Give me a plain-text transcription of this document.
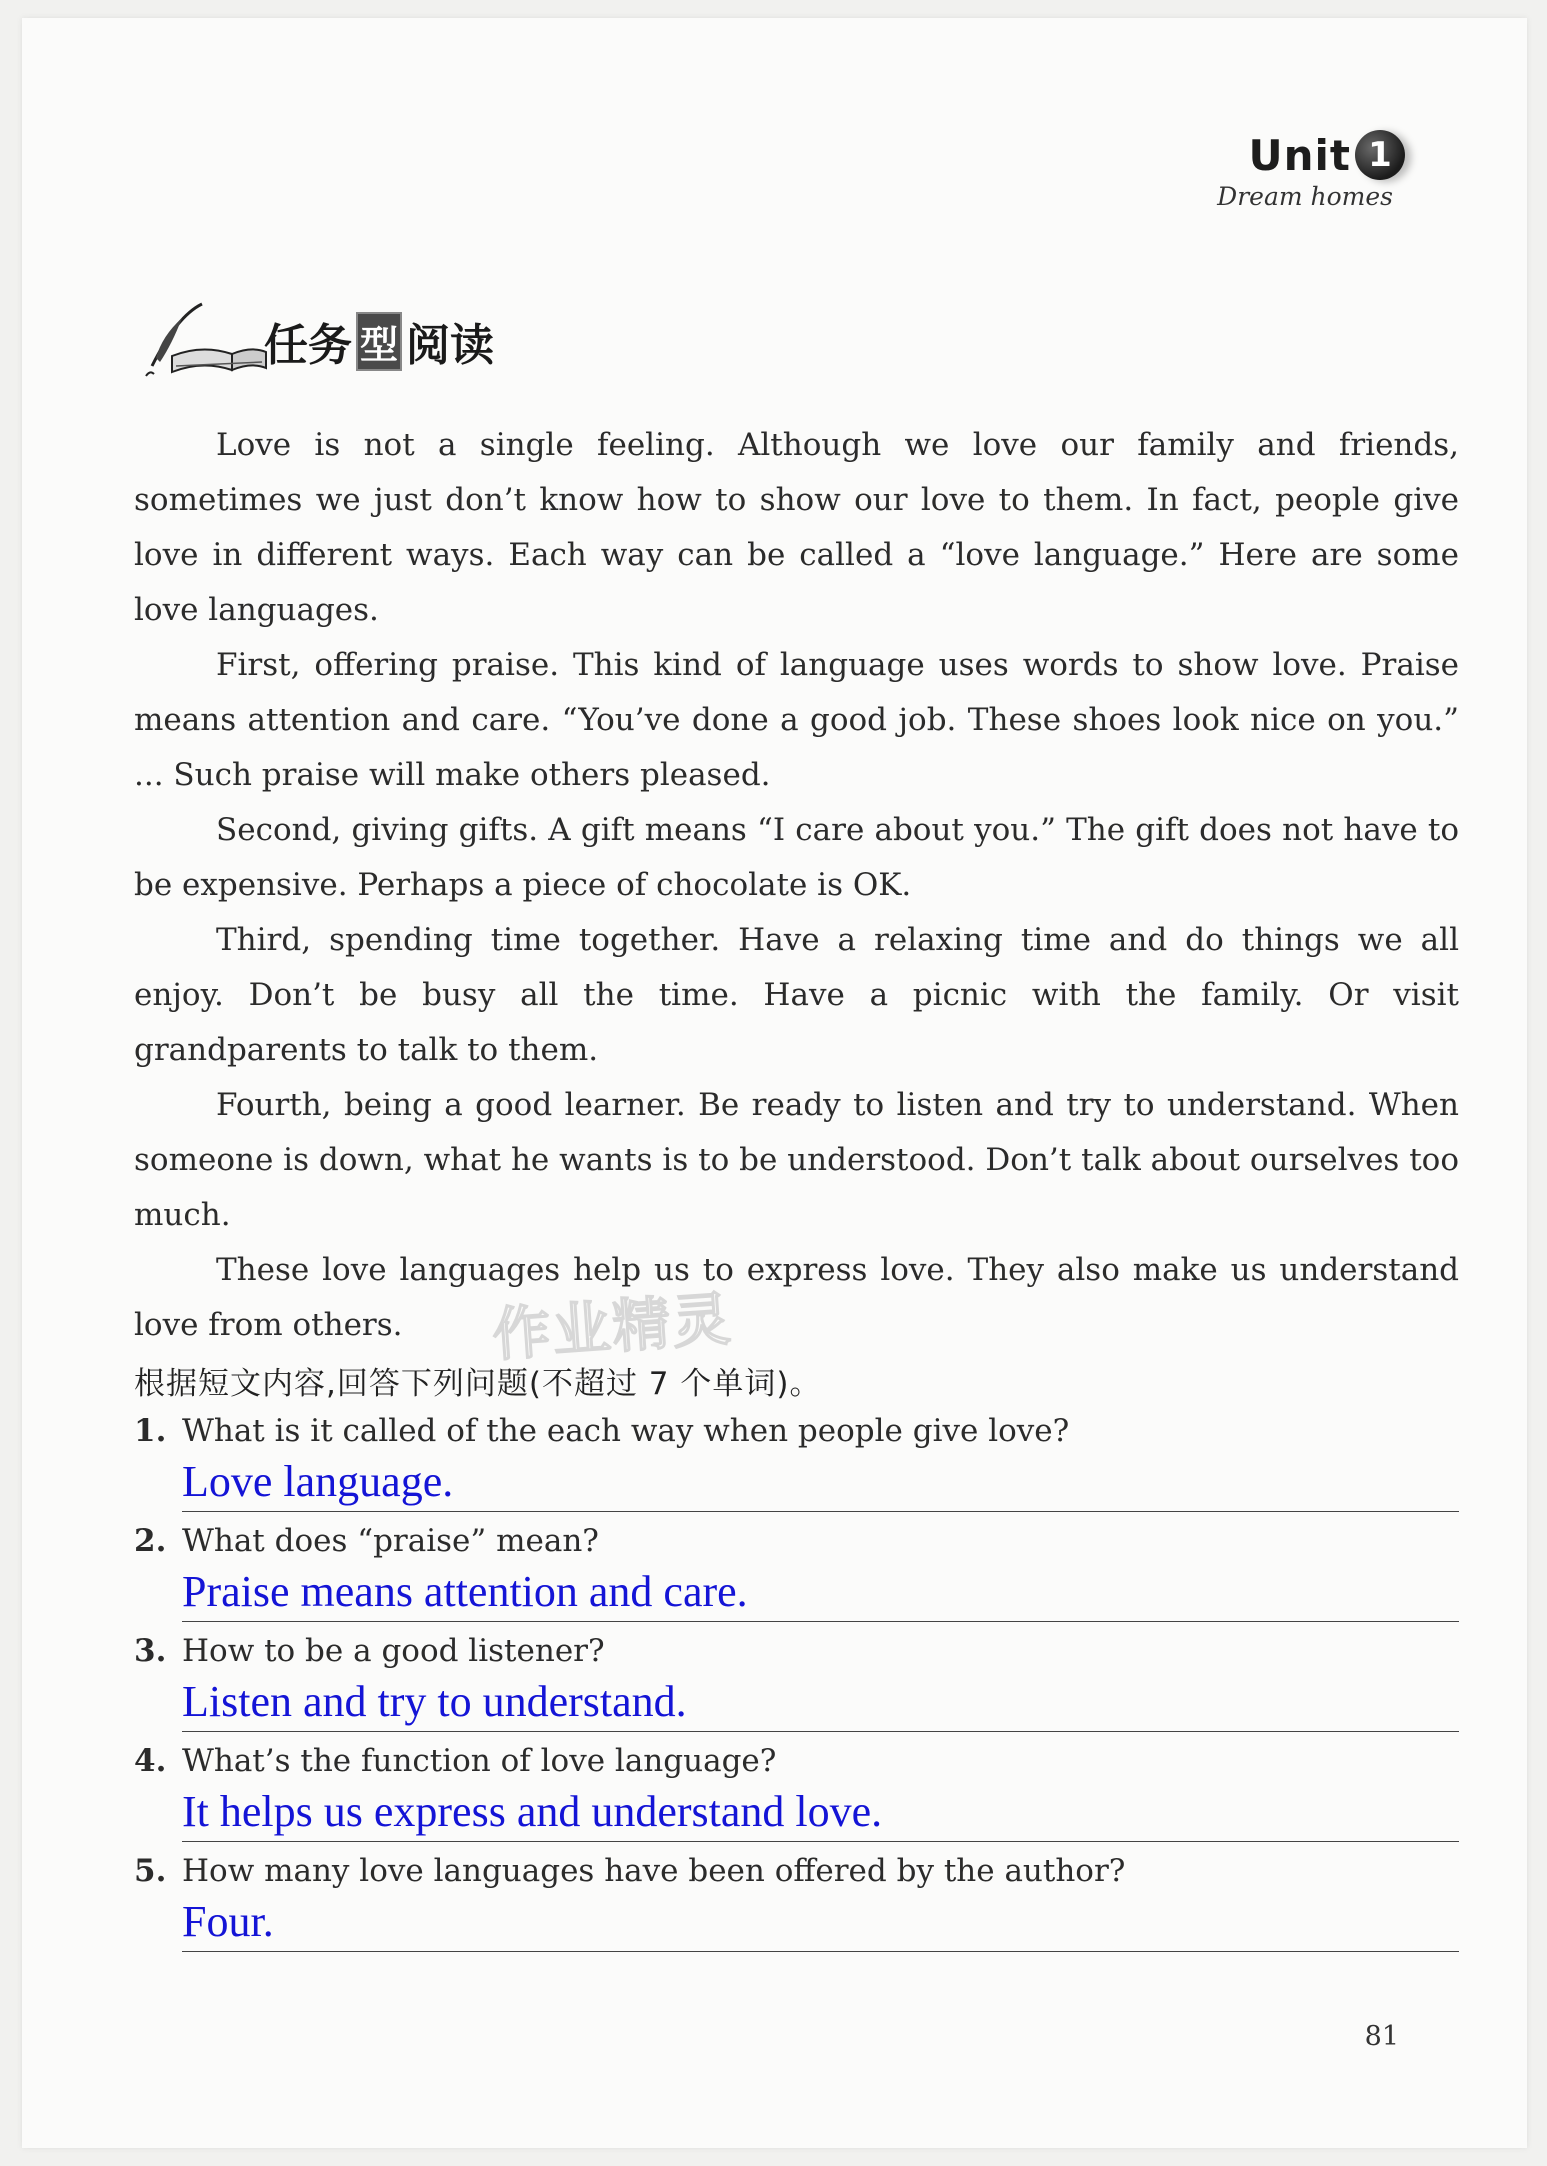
Unit 1
Dream homes
任务 型 阅读

Love is not a single feeling. Although we love our family and friends, sometimes we just don’t know how to show our love to them. In fact, people give love in different ways. Each way can be called a “love language.” Here are some love languages.

First, offering praise. This kind of language uses words to show love. Praise means attention and care. “You’ve done a good job. These shoes look nice on you.” ... Such praise will make others pleased.

Second, giving gifts. A gift means “I care about you.” The gift does not have to be expensive. Perhaps a piece of chocolate is OK.

Third, spending time together. Have a relaxing time and do things we all enjoy. Don’t be busy all the time. Have a picnic with the family. Or visit grandparents to talk to them.

Fourth, being a good learner. Be ready to listen and try to understand. When someone is down, what he wants is to be understood. Don’t talk about ourselves too much.

These love languages help us to express love. They also make us understand love from others.	作业精灵
根据短文内容,回答下列问题(不超过 7 个单词)。
1. What is it called of the each way when people give love?
Love language.
2. What does “praise” mean?
Praise means attention and care.
3. How to be a good listener?
Listen and try to understand.
4. What’s the function of love language?
It helps us express and understand love.
5. How many love languages have been offered by the author?
Four.
81
